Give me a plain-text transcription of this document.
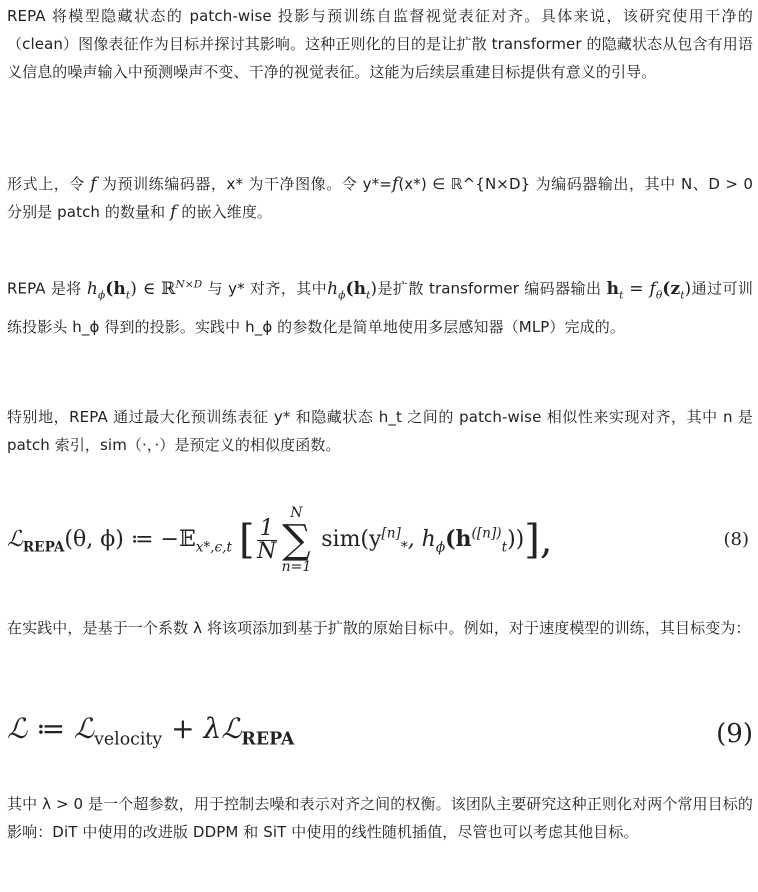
REPA 将模型隐藏状态的 patch-wise 投影与预训练自监督视觉表征对齐。具体来说，该研究使用干净的（clean）图像表征作为目标并探讨其影响。这种正则化的目的是让扩散 transformer 的隐藏状态从包含有用语义信息的噪声输入中预测噪声不变、干净的视觉表征。这能为后续层重建目标提供有意义的引导。

形式上，令 f 为预训练编码器，x* 为干净图像。令 y*=f(x*) ∈ ℝ^{N×D} 为编码器输出，其中 N、D > 0 分别是 patch 的数量和 f 的嵌入维度。

REPA 是将 $h_\phi(h_t)$ ∈ ℝ$^{N\times D}$ 与 y* 对齐，其中$h_\phi(h_t)$是扩散 transformer 编码器输出 $h_t = f_\theta(z_t)$通过可训练投影头 h_ϕ 得到的投影。实践中 h_ϕ 的参数化是简单地使用多层感知器（MLP）完成的。

特别地，REPA 通过最大化预训练表征 y* 和隐藏状态 h_t 之间的 patch-wise 相似性来实现对齐，其中 n 是 patch 索引，sim（·，·）是预定义的相似度函数。

ℒ$_{REPA}$(θ, ϕ) ≔ −𝔼$_{x*,\epsilon,t}$ [ $\frac{1}{N}$
N
∑
n=1
$sim(y[n]_*$, $h_\phi(h^{([n])}_t)$)],	(8)

在实践中，是基于一个系数 λ 将该项添加到基于扩散的原始目标中。例如，对于速度模型的训练，其目标变为：

ℒ ≔ ℒ$_{velocity}$ + λℒ$_{REPA}$	(9)

其中 λ > 0 是一个超参数，用于控制去噪和表示对齐之间的权衡。该团队主要研究这种正则化对两个常用目标的影响：DiT 中使用的改进版 DDPM 和 SiT 中使用的线性随机插值，尽管也可以考虑其他目标。
